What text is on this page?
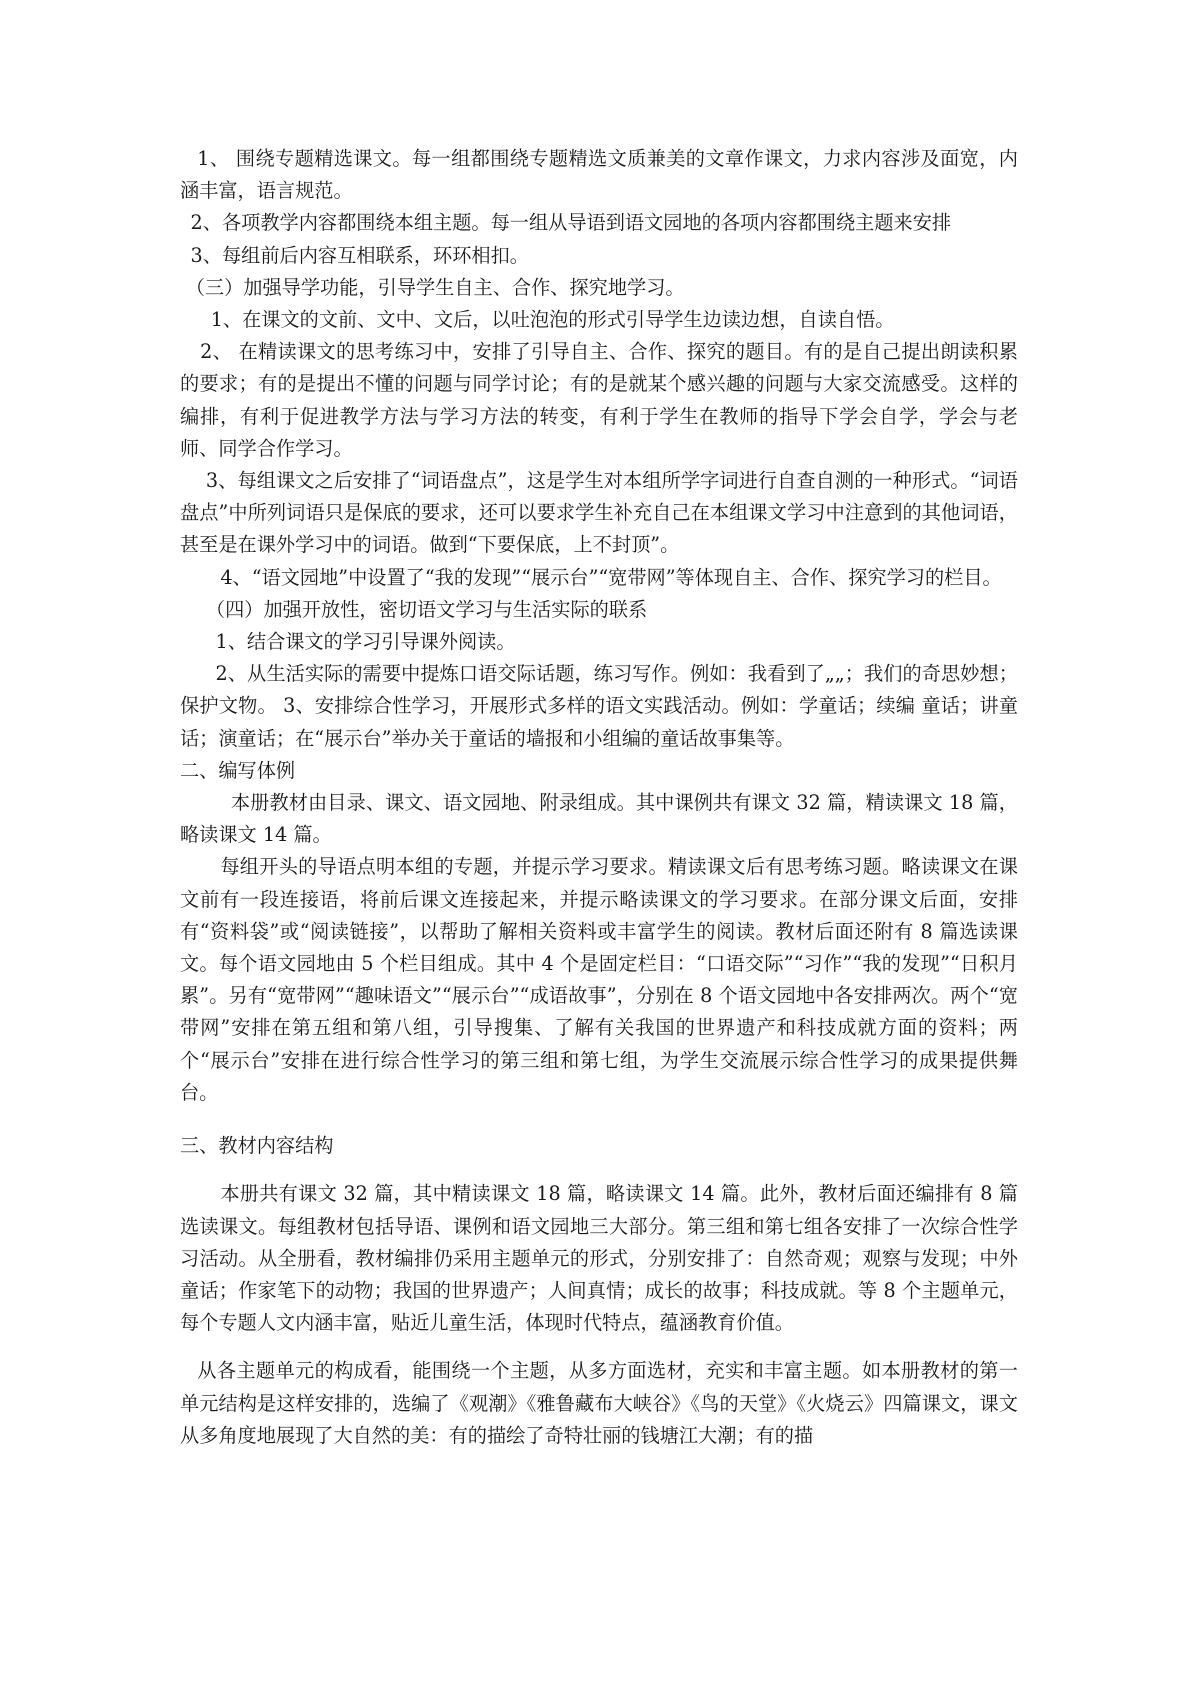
1、 围绕专题精选课文。每一组都围绕专题精选文质兼美的文章作课文，力求内容涉及面宽，内涵丰富，语言规范。

2、各项教学内容都围绕本组主题。每一组从导语到语文园地的各项内容都围绕主题来安排

3、每组前后内容互相联系，环环相扣。

（三）加强导学功能，引导学生自主、合作、探究地学习。

1、在课文的文前、文中、文后，以吐泡泡的形式引导学生边读边想，自读自悟。

2、 在精读课文的思考练习中，安排了引导自主、合作、探究的题目。有的是自己提出朗读积累的要求；有的是提出不懂的问题与同学讨论；有的是就某个感兴趣的问题与大家交流感受。这样的编排，有利于促进教学方法与学习方法的转变，有利于学生在教师的指导下学会自学，学会与老师、同学合作学习。

3、每组课文之后安排了“词语盘点”，这是学生对本组所学字词进行自查自测的一种形式。“词语盘点”中所列词语只是保底的要求，还可以要求学生补充自己在本组课文学习中注意到的其他词语，甚至是在课外学习中的词语。做到“下要保底，上不封顶”。

4、“语文园地”中设置了“我的发现”“展示台”“宽带网”等体现自主、合作、探究学习的栏目。

（四）加强开放性，密切语文学习与生活实际的联系

1、结合课文的学习引导课外阅读。

2、从生活实际的需要中提炼口语交际话题，练习写作。例如：我看到了„„；我们的奇思妙想；保护文物。 3、安排综合性学习，开展形式多样的语文实践活动。例如：学童话；续编 童话；讲童话；演童话；在“展示台”举办关于童话的墙报和小组编的童话故事集等。

二、编写体例

本册教材由目录、课文、语文园地、附录组成。其中课例共有课文 32 篇，精读课文 18 篇，略读课文 14 篇。

每组开头的导语点明本组的专题，并提示学习要求。精读课文后有思考练习题。略读课文在课文前有一段连接语，将前后课文连接起来，并提示略读课文的学习要求。在部分课文后面，安排有“资料袋”或“阅读链接”，以帮助了解相关资料或丰富学生的阅读。教材后面还附有 8 篇选读课文。每个语文园地由 5 个栏目组成。其中 4 个是固定栏目：“口语交际”“习作”“我的发现”“日积月累”。另有“宽带网”“趣味语文”“展示台”“成语故事”，分别在 8 个语文园地中各安排两次。两个“宽带网”安排在第五组和第八组，引导搜集、了解有关我国的世界遗产和科技成就方面的资料；两个“展示台”安排在进行综合性学习的第三组和第七组，为学生交流展示综合性学习的成果提供舞台。

三、教材内容结构

本册共有课文 32 篇，其中精读课文 18 篇，略读课文 14 篇。此外，教材后面还编排有 8 篇选读课文。每组教材包括导语、课例和语文园地三大部分。第三组和第七组各安排了一次综合性学习活动。从全册看，教材编排仍采用主题单元的形式，分别安排了：自然奇观；观察与发现；中外童话；作家笔下的动物；我国的世界遗产；人间真情；成长的故事；科技成就。等 8 个主题单元，每个专题人文内涵丰富，贴近儿童生活，体现时代特点，蕴涵教育价值。

从各主题单元的构成看，能围绕一个主题，从多方面选材，充实和丰富主题。如本册教材的第一单元结构是这样安排的，选编了《观潮》《雅鲁藏布大峡谷》《鸟的天堂》《火烧云》四篇课文，课文从多角度地展现了大自然的美：有的描绘了奇特壮丽的钱塘江大潮；有的描
